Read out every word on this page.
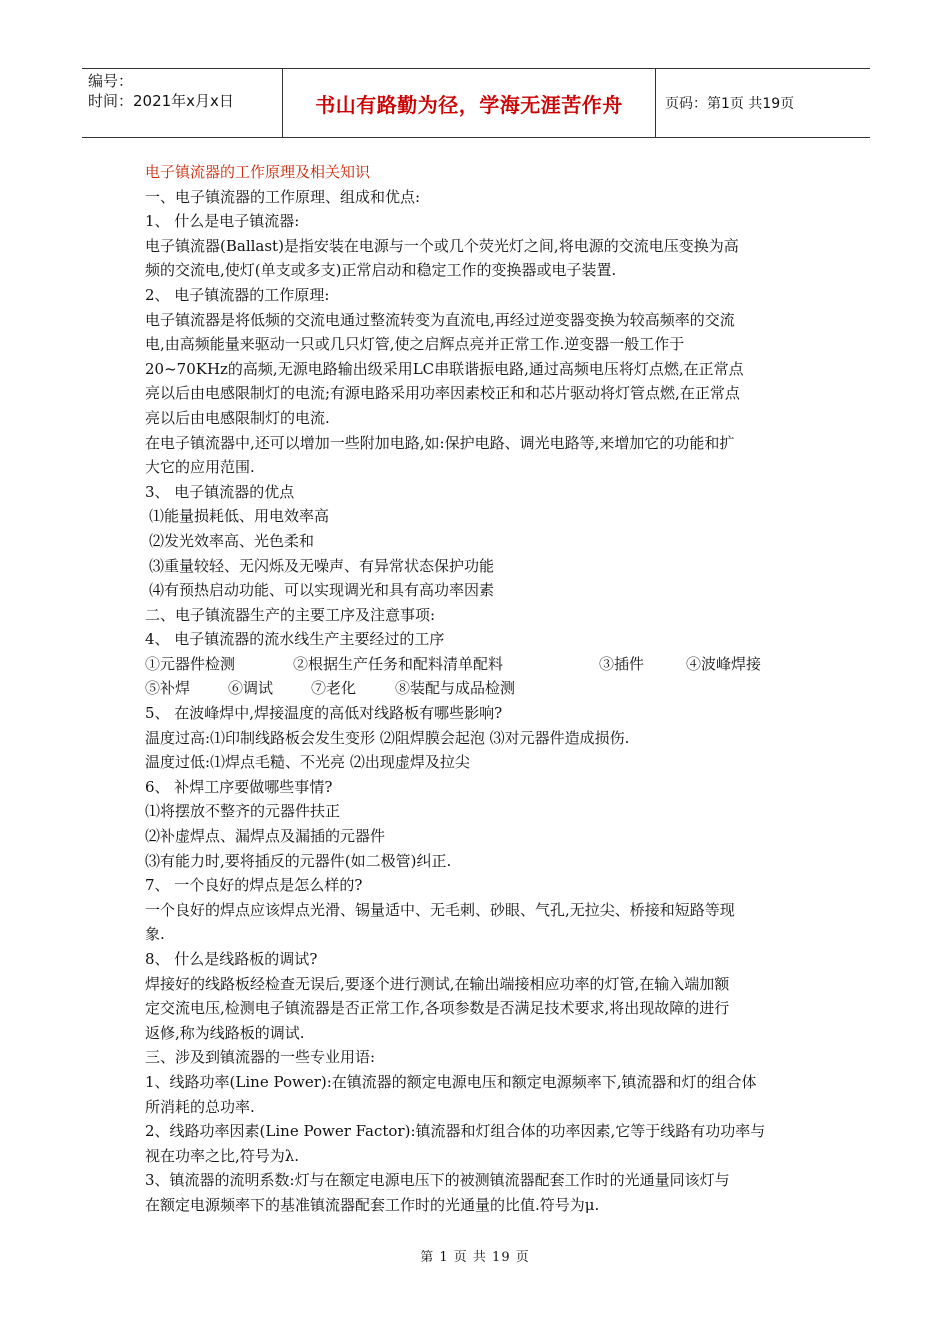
编号：
时间：2021年x月x日	书山有路勤为径，学海无涯苦作舟	页码：第1页 共19页

电子镇流器的工作原理及相关知识

一、电子镇流器的工作原理、组成和优点:

1、 什么是电子镇流器:

电子镇流器(Ballast)是指安装在电源与一个或几个荧光灯之间,将电源的交流电压变换为高

频的交流电,使灯(单支或多支)正常启动和稳定工作的变换器或电子装置.

2、 电子镇流器的工作原理:

电子镇流器是将低频的交流电通过整流转变为直流电,再经过逆变器变换为较高频率的交流

电,由高频能量来驱动一只或几只灯管,使之启辉点亮并正常工作.逆变器一般工作于

20~70KHz的高频,无源电路输出级采用LC串联谐振电路,通过高频电压将灯点燃,在正常点

亮以后由电感限制灯的电流;有源电路采用功率因素校正和和芯片驱动将灯管点燃,在正常点

亮以后由电感限制灯的电流.

在电子镇流器中,还可以增加一些附加电路,如:保护电路、调光电路等,来增加它的功能和扩

大它的应用范围.

3、 电子镇流器的优点

⑴能量损耗低、用电效率高

⑵发光效率高、光色柔和

⑶重量较轻、无闪烁及无噪声、有异常状态保护功能

⑷有预热启动功能、可以实现调光和具有高功率因素

二、电子镇流器生产的主要工序及注意事项:

4、 电子镇流器的流水线生产主要经过的工序

①元器件检测	②根据生产任务和配料清单配料	③插件	④波峰焊接
⑤补焊	⑥调试	⑦老化	⑧装配与成品检测

5、 在波峰焊中,焊接温度的高低对线路板有哪些影响?

温度过高:⑴印制线路板会发生变形 ⑵阻焊膜会起泡 ⑶对元器件造成损伤.

温度过低:⑴焊点毛糙、不光亮 ⑵出现虚焊及拉尖

6、 补焊工序要做哪些事情?

⑴将摆放不整齐的元器件扶正

⑵补虚焊点、漏焊点及漏插的元器件

⑶有能力时,要将插反的元器件(如二极管)纠正.

7、 一个良好的焊点是怎么样的?

一个良好的焊点应该焊点光滑、锡量适中、无毛刺、砂眼、气孔,无拉尖、桥接和短路等现

象.

8、 什么是线路板的调试?

焊接好的线路板经检查无误后,要逐个进行测试,在输出端接相应功率的灯管,在输入端加额

定交流电压,检测电子镇流器是否正常工作,各项参数是否满足技术要求,将出现故障的进行

返修,称为线路板的调试.

三、涉及到镇流器的一些专业用语:

1、线路功率(Line Power):在镇流器的额定电源电压和额定电源频率下,镇流器和灯的组合体

所消耗的总功率.

2、线路功率因素(Line Power Factor):镇流器和灯组合体的功率因素,它等于线路有功功率与

视在功率之比,符号为λ.

3、镇流器的流明系数:灯与在额定电源电压下的被测镇流器配套工作时的光通量同该灯与

在额定电源频率下的基准镇流器配套工作时的光通量的比值.符号为μ.

第 1 页 共 19 页
